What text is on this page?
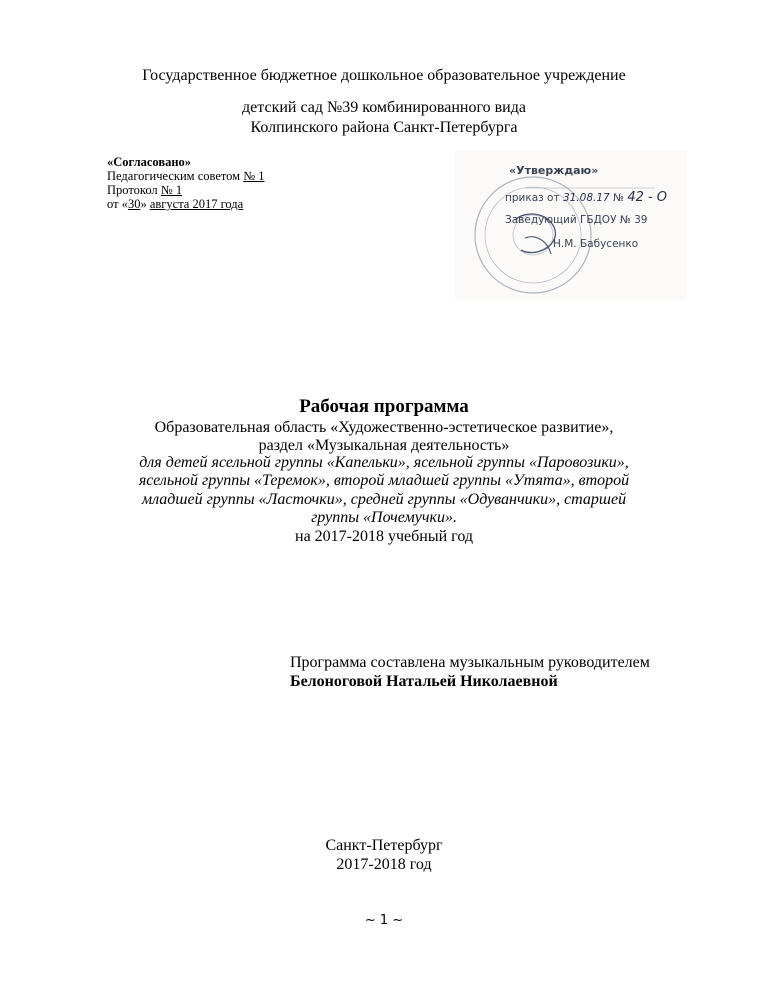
Государственное бюджетное дошкольное образовательное учреждение
детский сад №39 комбинированного вида
Колпинского района Санкт-Петербурга
«Согласовано»
Педагогическим советом № 1
Протокол № 1
от «30» августа 2017 года
«Утверждаю»
приказ от 31.08.17 № 42 - О
Заведующий ГБДОУ № 39
Н.М. Бабусенко
Рабочая программа
Образовательная область «Художественно-эстетическое развитие»,
раздел «Музыкальная деятельность»
для детей ясельной группы «Капельки», ясельной группы «Паровозики»,
ясельной группы «Теремок», второй младшей группы «Утята», второй
младшей группы «Ласточки», средней группы «Одуванчики», старшей
группы «Почемучки».
на 2017-2018 учебный год
Программа составлена музыкальным руководителем
Белоноговой Натальей Николаевной
Санкт-Петербург
2017-2018 год
~ 1 ~
